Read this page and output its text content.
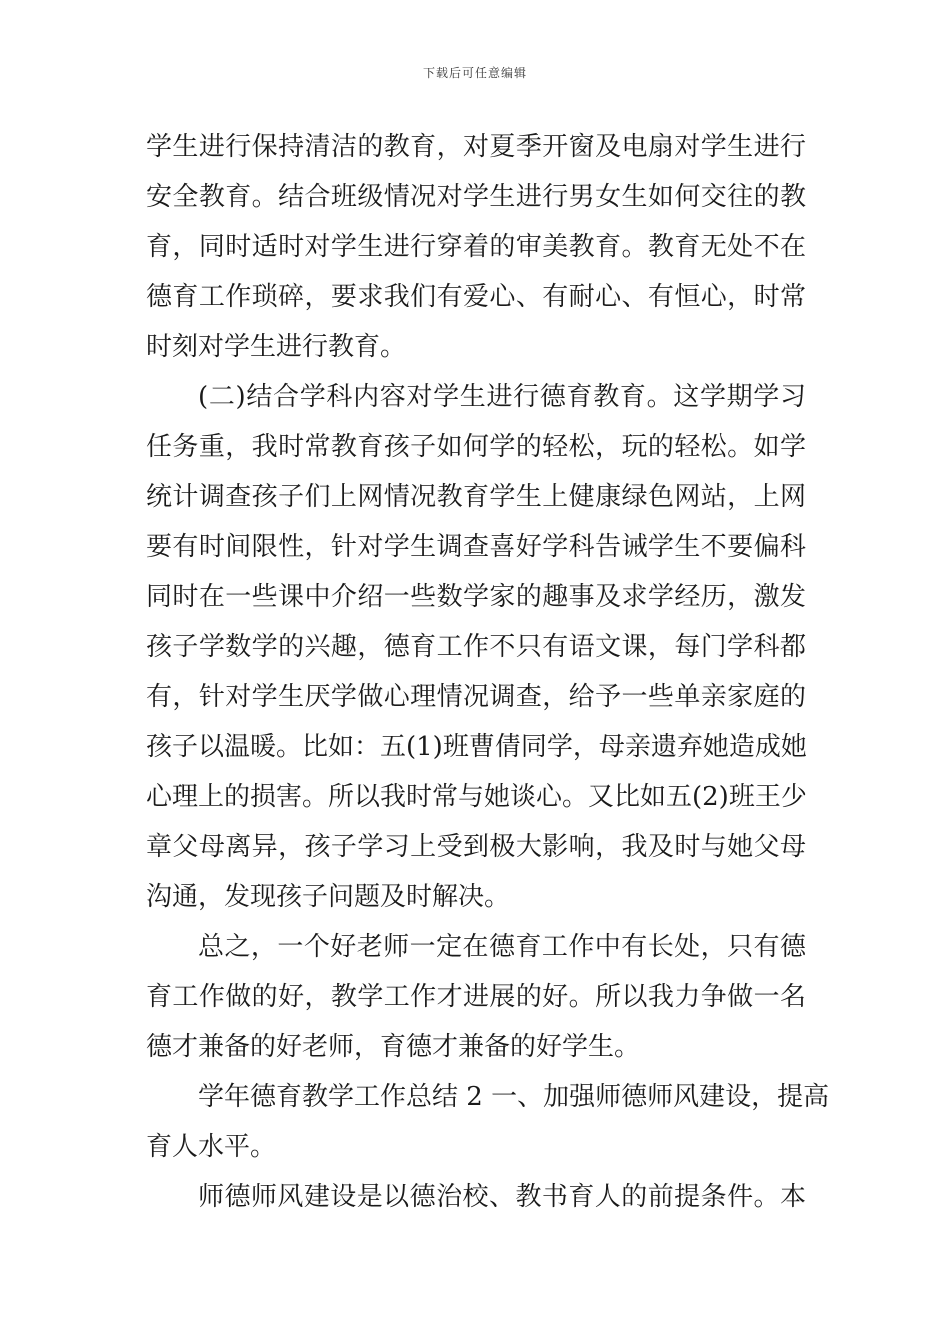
下载后可任意编辑
学生进行保持清洁的教育，对夏季开窗及电扇对学生进行
安全教育。结合班级情况对学生进行男女生如何交往的教
育，同时适时对学生进行穿着的审美教育。教育无处不在
德育工作琐碎，要求我们有爱心、有耐心、有恒心，时常
时刻对学生进行教育。
(二)结合学科内容对学生进行德育教育。这学期学习
任务重，我时常教育孩子如何学的轻松，玩的轻松。如学
统计调查孩子们上网情况教育学生上健康绿色网站，上网
要有时间限性，针对学生调查喜好学科告诫学生不要偏科
同时在一些课中介绍一些数学家的趣事及求学经历，激发
孩子学数学的兴趣，德育工作不只有语文课，每门学科都
有，针对学生厌学做心理情况调查，给予一些单亲家庭的
孩子以温暖。比如：五(1)班曹倩同学，母亲遗弃她造成她
心理上的损害。所以我时常与她谈心。又比如五(2)班王少
章父母离异，孩子学习上受到极大影响，我及时与她父母
沟通，发现孩子问题及时解决。
总之，一个好老师一定在德育工作中有长处，只有德
育工作做的好，教学工作才进展的好。所以我力争做一名
德才兼备的好老师，育德才兼备的好学生。
学年德育教学工作总结 2 一、加强师德师风建设，提高
育人水平。
师德师风建设是以德治校、教书育人的前提条件。本
